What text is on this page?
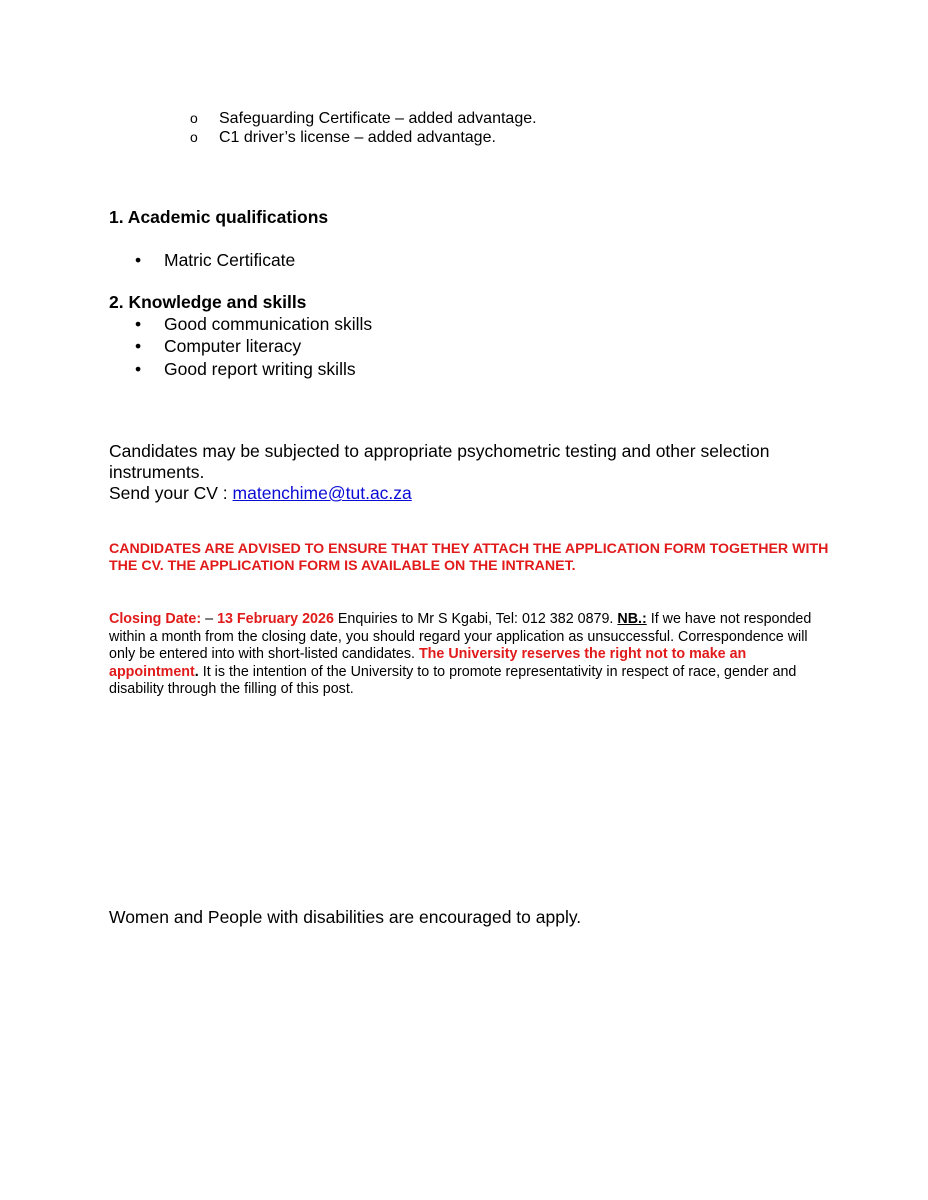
o Safeguarding Certificate – added advantage.
o C1 driver’s license – added advantage.
1. Academic qualifications
• Matric Certificate
2. Knowledge and skills
• Good communication skills
• Computer literacy
• Good report writing skills

Candidates may be subjected to appropriate psychometric testing and other selection instruments.

Send your CV : matenchime@tut.ac.za

CANDIDATES ARE ADVISED TO ENSURE THAT THEY ATTACH THE APPLICATION FORM TOGETHER WITH THE CV. THE APPLICATION FORM IS AVAILABLE ON THE INTRANET.

Closing Date: – 13 February 2026 Enquiries to Mr S Kgabi, Tel: 012 382 0879. NB.: If we have not responded within a month from the closing date, you should regard your application as unsuccessful. Correspondence will only be entered into with short-listed candidates. The University reserves the right not to make an appointment. It is the intention of the University to to promote representativity in respect of race, gender and disability through the filling of this post.

Women and People with disabilities are encouraged to apply.
